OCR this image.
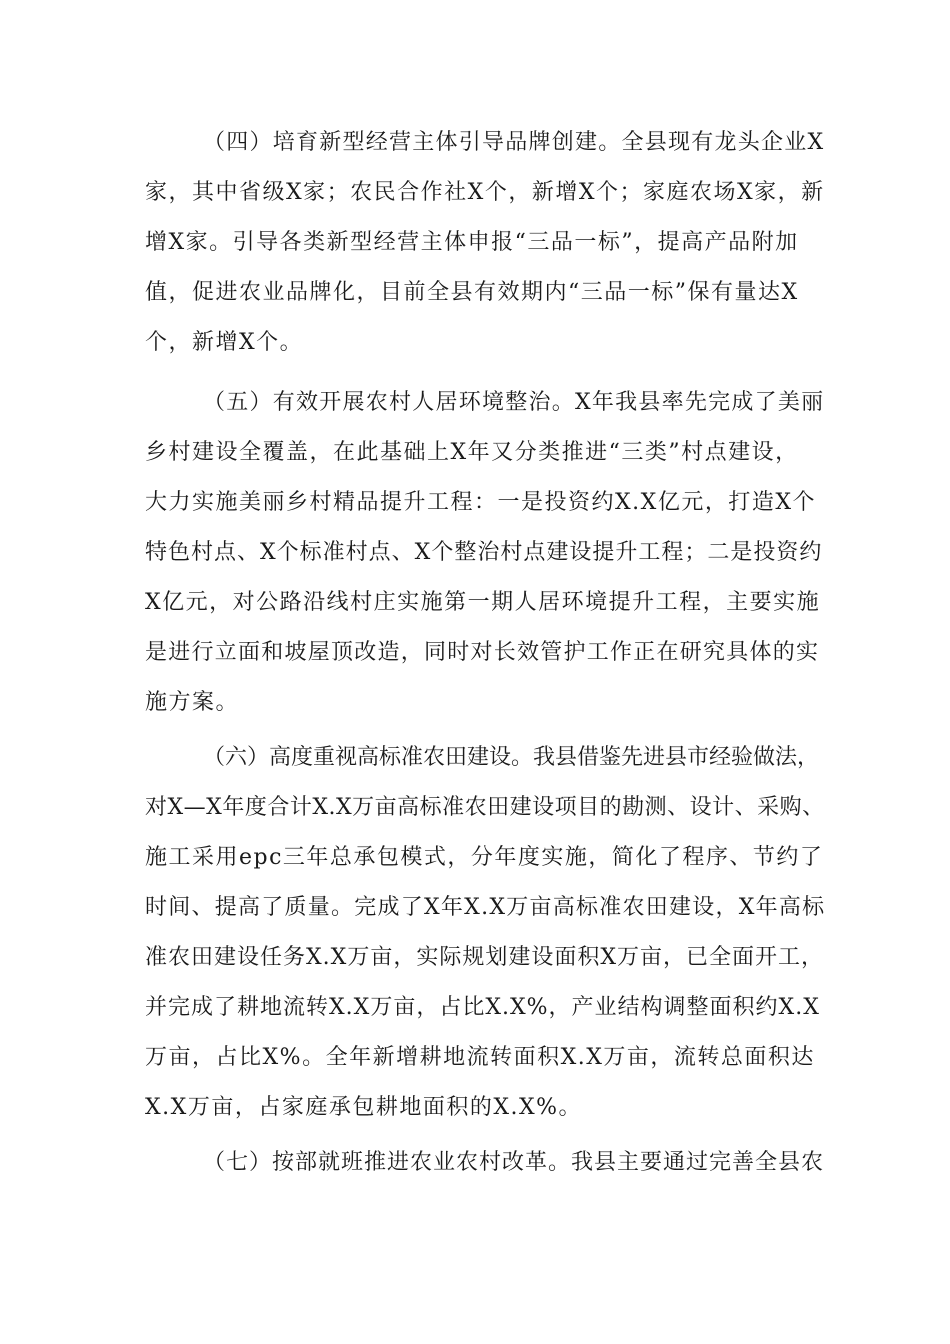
（四）培育新型经营主体引导品牌创建。全县现有龙头企业X
家，其中省级X家；农民合作社X个，新增X个；家庭农场X家，新
增X家。引导各类新型经营主体申报“三品一标”，提高产品附加
值，促进农业品牌化，目前全县有效期内“三品一标”保有量达X
个，新增X个。
（五）有效开展农村人居环境整治。X年我县率先完成了美丽
乡村建设全覆盖，在此基础上X年又分类推进“三类”村点建设，
大力实施美丽乡村精品提升工程：一是投资约X.X亿元，打造X个
特色村点、X个标准村点、X个整治村点建设提升工程；二是投资约
X亿元，对公路沿线村庄实施第一期人居环境提升工程，主要实施
是进行立面和坡屋顶改造，同时对长效管护工作正在研究具体的实
施方案。
（六）高度重视高标准农田建设。我县借鉴先进县市经验做法，
对X—X年度合计X.X万亩高标准农田建设项目的勘测、设计、采购、
施工采用epc三年总承包模式，分年度实施，简化了程序、节约了
时间、提高了质量。完成了X年X.X万亩高标准农田建设，X年高标
准农田建设任务X.X万亩，实际规划建设面积X万亩，已全面开工，
并完成了耕地流转X.X万亩，占比X.X%，产业结构调整面积约X.X
万亩，占比X%。全年新增耕地流转面积X.X万亩，流转总面积达
X.X万亩，占家庭承包耕地面积的X.X%。
（七）按部就班推进农业农村改革。我县主要通过完善全县农
